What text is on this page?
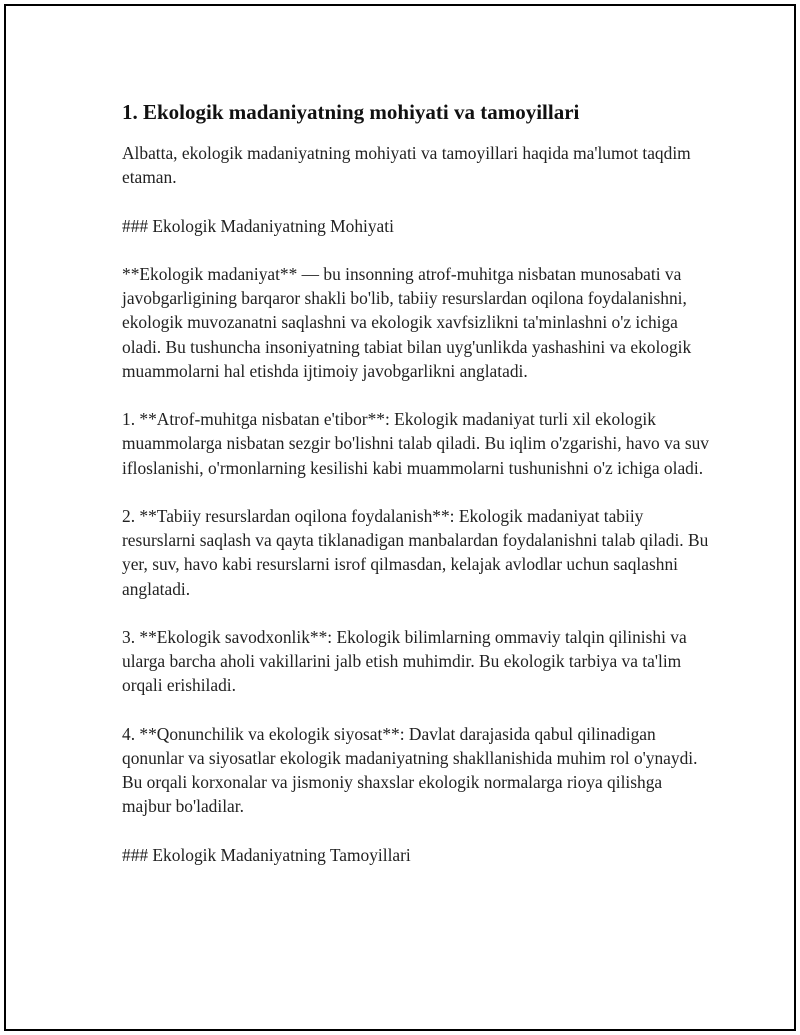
1. Ekologik madaniyatning mohiyati va tamoyillari

Albatta, ekologik madaniyatning mohiyati va tamoyillari haqida ma'lumot taqdim etaman.

### Ekologik Madaniyatning Mohiyati

**Ekologik madaniyat** — bu insonning atrof-muhitga nisbatan munosabati va javobgarligining barqaror shakli bo'lib, tabiiy resurslardan oqilona foydalanishni, ekologik muvozanatni saqlashni va ekologik xavfsizlikni ta'minlashni o'z ichiga oladi. Bu tushuncha insoniyatning tabiat bilan uyg'unlikda yashashini va ekologik muammolarni hal etishda ijtimoiy javobgarlikni anglatadi.

1. **Atrof-muhitga nisbatan e'tibor**: Ekologik madaniyat turli xil ekologik muammolarga nisbatan sezgir bo'lishni talab qiladi. Bu iqlim o'zgarishi, havo va suv ifloslanishi, o'rmonlarning kesilishi kabi muammolarni tushunishni o'z ichiga oladi.

2. **Tabiiy resurslardan oqilona foydalanish**: Ekologik madaniyat tabiiy resurslarni saqlash va qayta tiklanadigan manbalardan foydalanishni talab qiladi. Bu yer, suv, havo kabi resurslarni isrof qilmasdan, kelajak avlodlar uchun saqlashni anglatadi.

3. **Ekologik savodxonlik**: Ekologik bilimlarning ommaviy talqin qilinishi va ularga barcha aholi vakillarini jalb etish muhimdir. Bu ekologik tarbiya va ta'lim orqali erishiladi.

4. **Qonunchilik va ekologik siyosat**: Davlat darajasida qabul qilinadigan qonunlar va siyosatlar ekologik madaniyatning shakllanishida muhim rol o'ynaydi. Bu orqali korxonalar va jismoniy shaxslar ekologik normalarga rioya qilishga majbur bo'ladilar.

### Ekologik Madaniyatning Tamoyillari
